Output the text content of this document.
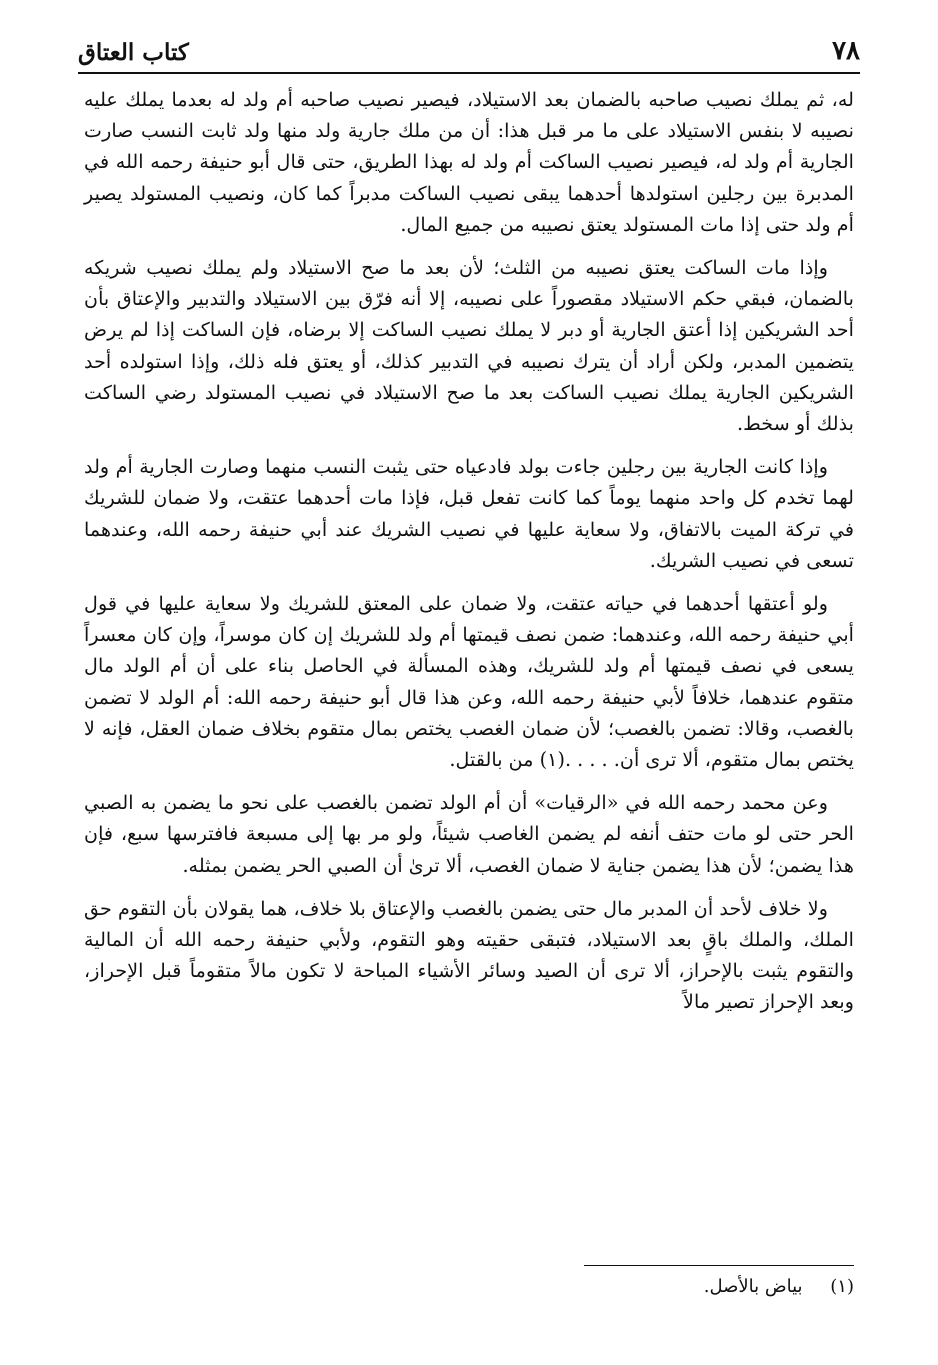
٧٨
كتاب العتاق

له، ثم يملك نصيب صاحبه بالضمان بعد الاستيلاد، فيصير نصيب صاحبه أم ولد له بعدما يملك عليه نصيبه لا بنفس الاستيلاد على ما مر قبل هذا: أن من ملك جارية ولد منها ولد ثابت النسب صارت الجارية أم ولد له، فيصير نصيب الساكت أم ولد له بهذا الطريق، حتى قال أبو حنيفة رحمه الله في المدبرة بين رجلين استولدها أحدهما يبقى نصيب الساكت مدبراً كما كان، ونصيب المستولد يصير أم ولد حتى إذا مات المستولد يعتق نصيبه من جميع المال.

وإذا مات الساكت يعتق نصيبه من الثلث؛ لأن بعد ما صح الاستيلاد ولم يملك نصيب شريكه بالضمان، فبقي حكم الاستيلاد مقصوراً على نصيبه، إلا أنه فرّق بين الاستيلاد والتدبير والإعتاق بأن أحد الشريكين إذا أعتق الجارية أو دبر لا يملك نصيب الساكت إلا برضاه، فإن الساكت إذا لم يرض يتضمين المدبر، ولكن أراد أن يترك نصيبه في التدبير كذلك، أو يعتق فله ذلك، وإذا استولده أحد الشريكين الجارية يملك نصيب الساكت بعد ما صح الاستيلاد في نصيب المستولد رضي الساكت بذلك أو سخط.

وإذا كانت الجارية بين رجلين جاءت بولد فادعياه حتى يثبت النسب منهما وصارت الجارية أم ولد لهما تخدم كل واحد منهما يوماً كما كانت تفعل قبل، فإذا مات أحدهما عتقت، ولا ضمان للشريك في تركة الميت بالاتفاق، ولا سعاية عليها في نصيب الشريك عند أبي حنيفة رحمه الله، وعندهما تسعى في نصيب الشريك.

ولو أعتقها أحدهما في حياته عتقت، ولا ضمان على المعتق للشريك ولا سعاية عليها في قول أبي حنيفة رحمه الله، وعندهما: ضمن نصف قيمتها أم ولد للشريك إن كان موسراً، وإن كان معسراً يسعى في نصف قيمتها أم ولد للشريك، وهذه المسألة في الحاصل بناء على أن أم الولد مال متقوم عندهما، خلافاً لأبي حنيفة رحمه الله، وعن هذا قال أبو حنيفة رحمه الله: أم الولد لا تضمن بالغصب، وقالا: تضمن بالغصب؛ لأن ضمان الغصب يختص بمال متقوم بخلاف ضمان العقل، فإنه لا يختص بمال متقوم، ألا ترى أن. . . . .(١) من بالقتل.

وعن محمد رحمه الله في «الرقيات» أن أم الولد تضمن بالغصب على نحو ما يضمن به الصبي الحر حتى لو مات حتف أنفه لم يضمن الغاصب شيئاً، ولو مر بها إلى مسبعة فافترسها سبع، فإن هذا يضمن؛ لأن هذا يضمن جناية لا ضمان الغصب، ألا ترىٰ أن الصبي الحر يضمن بمثله.

ولا خلاف لأحد أن المدبر مال حتى يضمن بالغصب والإعتاق بلا خلاف، هما يقولان بأن التقوم حق الملك، والملك باقٍ بعد الاستيلاد، فتبقى حقيته وهو التقوم، ولأبي حنيفة رحمه الله أن المالية والتقوم يثبت بالإحراز، ألا ترى أن الصيد وسائر الأشياء المباحة لا تكون مالاً متقوماً قبل الإحراز، وبعد الإحراز تصير مالاً

(١) بياض بالأصل.
